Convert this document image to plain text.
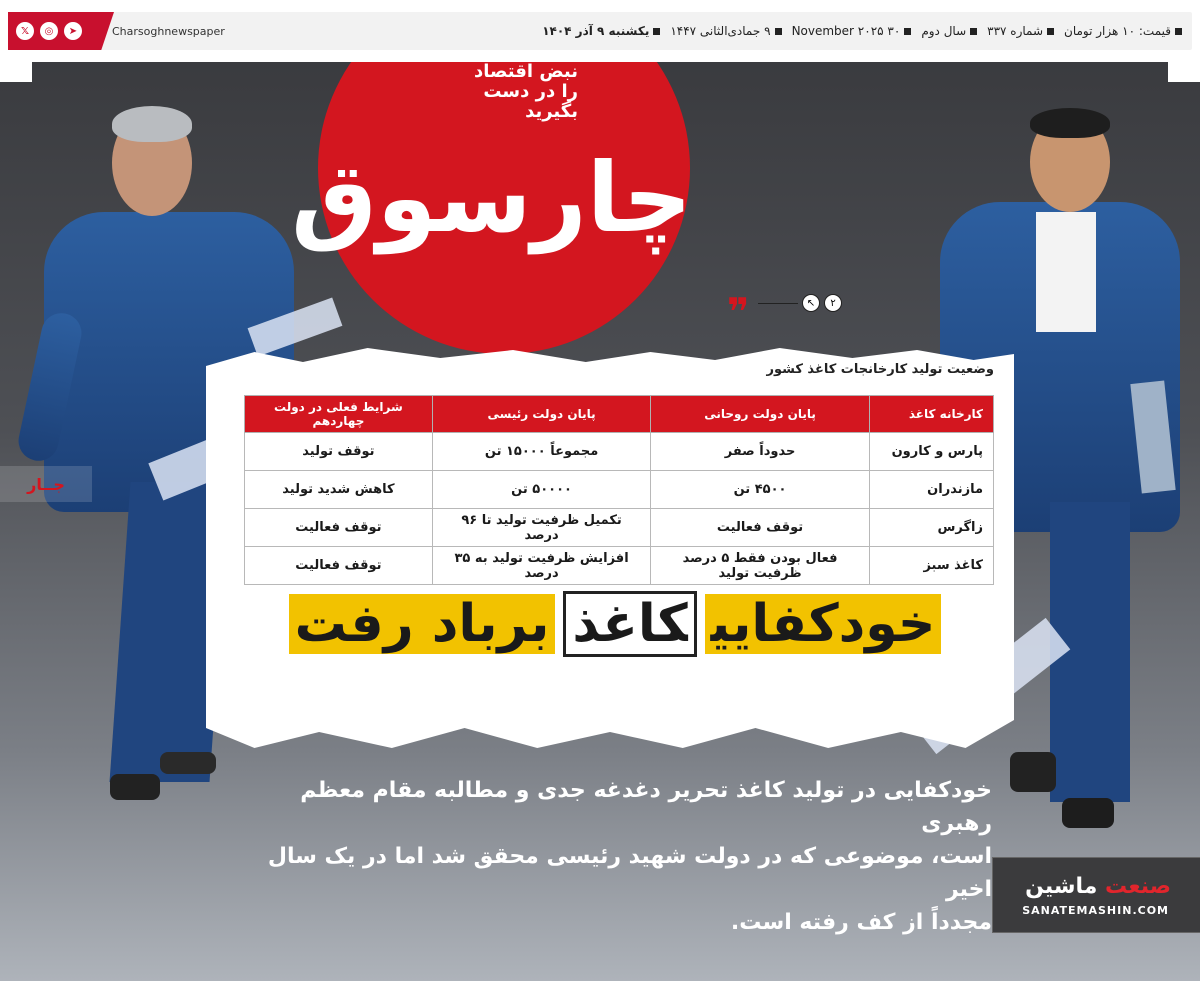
𝕏	◎	➤	Charsoghnewspaper	یکشنبه ۹ آذر ۱۴۰۴ ۹ جمادی‌الثانی ۱۴۴۷ ۳۰ November ۲۰۲۵ سال دوم شماره ۳۳۷ قیمت: ۱۰ هزار تومان
چارسوق
نبض اقتصاد
را در دست بگیرید
❞	↖	۲
وضعیت تولید کارخانجات کاغذ کشور
کارخانه کاغذ	پایان دولت روحانی	پایان دولت رئیسی	شرایط فعلی در دولت چهاردهم
پارس و کارون	حدوداً صفر	مجموعاً ۱۵۰۰۰ تن	توقف تولید
مازندران	۴۵۰۰ تن	۵۰۰۰۰ تن	کاهش شدید تولید
زاگرس	توقف فعالیت	تکمیل ظرفیت تولید تا ۹۶ درصد	توقف فعالیت
کاغذ سبز	فعال بودن فقط ۵ درصد ظرفیت تولید	افزایش ظرفیت تولید به ۳۵ درصد	توقف فعالیت
خودکفاییکاغذبرباد رفت
خودکفایی در تولید کاغذ تحریر دغدغه جدی و مطالبه مقام معظم رهبری
است، موضوعی که در دولت شهید رئیسی محقق شد اما در یک سال اخیر
مجدداً از کف رفته است.
جــار
صنعت ماشین
SANATEMASHIN.COM
